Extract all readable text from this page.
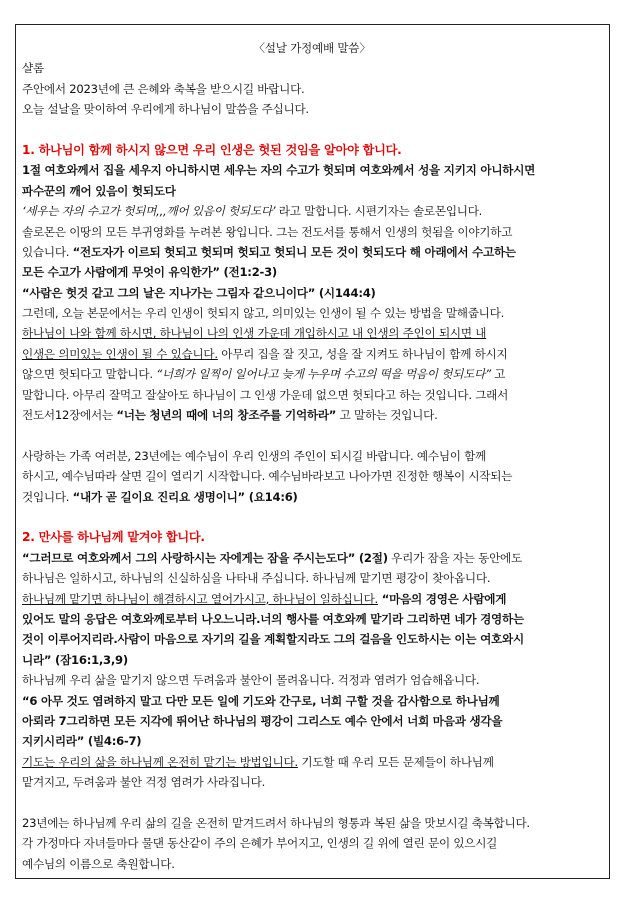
〈설날 가정예배 말씀〉
샬롬
주안에서 2023년에 큰 은혜와 축복을 받으시길 바랍니다.
오늘 설날을 맞이하여 우리에게 하나님이 말씀을 주십니다.
1. 하나님이 함께 하시지 않으면 우리 인생은 헛된 것임을 알아야 합니다.
1절 여호와께서 집을 세우지 아니하시면 세우는 자의 수고가 헛되며 여호와께서 성을 지키지 아니하시면
파수꾼의 깨어 있음이 헛되도다
‘세우는 자의 수고가 헛되며,,,깨어 있음이 헛되도다’ 라고 말합니다. 시편기자는 솔로몬입니다.
솔로몬은 이땅의 모든 부귀영화를 누려본 왕입니다. 그는 전도서를 통해서 인생의 헛됨을 이야기하고
있습니다. “전도자가 이르되 헛되고 헛되며 헛되고 헛되니 모든 것이 헛되도다 해 아래에서 수고하는
모든 수고가 사람에게 무엇이 유익한가” (전1:2-3)
“사람은 헛것 같고 그의 날은 지나가는 그림자 같으니이다” (시144:4)
그런데, 오늘 본문에서는 우리 인생이 헛되지 않고, 의미있는 인생이 될 수 있는 방법을 말해줍니다.
하나님이 나와 함께 하시면, 하나님이 나의 인생 가운데 개입하시고 내 인생의 주인이 되시면 내
인생은 의미있는 인생이 될 수 있습니다. 아무리 집을 잘 짓고, 성을 잘 지켜도 하나님이 함께 하시지
않으면 헛되다고 말합니다. “너희가 일찍이 일어나고 늦게 누우며 수고의 떡을 먹음이 헛되도다” 고
말합니다. 아무리 잘먹고 잘살아도 하나님이 그 인생 가운데 없으면 헛되다고 하는 것입니다. 그래서
전도서12장에서는 “너는 청년의 때에 너의 창조주를 기억하라” 고 말하는 것입니다.
사랑하는 가족 여러분, 23년에는 예수님이 우리 인생의 주인이 되시길 바랍니다. 예수님이 함께
하시고, 예수님따라 살면 길이 열리기 시작합니다. 예수님바라보고 나아가면 진정한 행복이 시작되는
것입니다. “내가 곧 길이요 진리요 생명이니” (요14:6)
2. 만사를 하나님께 맡겨야 합니다.
“그러므로 여호와께서 그의 사랑하시는 자에게는 잠을 주시는도다” (2절) 우리가 잠을 자는 동안에도
하나님은 일하시고, 하나님의 신실하심을 나타내 주십니다. 하나님께 맡기면 평강이 찾아옵니다.
하나님께 맡기면 하나님이 해결하시고 열어가시고, 하나님이 일하십니다. “마음의 경영은 사람에게
있어도 말의 응답은 여호와께로부터 나오느니라.너의 행사를 여호와께 맡기라 그리하면 네가 경영하는
것이 이루어지리라.사람이 마음으로 자기의 길을 계획할지라도 그의 걸음을 인도하시는 이는 여호와시
니라” (잠16:1,3,9)
하나님께 우리 삶을 맡기지 않으면 두려움과 불안이 몰려옵니다. 걱정과 염려가 엄습해옵니다.
“6 아무 것도 염려하지 말고 다만 모든 일에 기도와 간구로, 너희 구할 것을 감사함으로 하나님께
아뢰라 7그리하면 모든 지각에 뛰어난 하나님의 평강이 그리스도 예수 안에서 너희 마음과 생각을
지키시리라” (빌4:6-7)
기도는 우리의 삶을 하나님께 온전히 맡기는 방법입니다. 기도할 때 우리 모든 문제들이 하나님께
맡겨지고, 두려움과 불안 걱정 염려가 사라집니다.
23년에는 하나님께 우리 삶의 길을 온전히 맡겨드려서 하나님의 형통과 복된 삶을 맛보시길 축복합니다.
각 가정마다 자녀들마다 물댄 동산같이 주의 은혜가 부어지고, 인생의 길 위에 열린 문이 있으시길
예수님의 이름으로 축원합니다.
